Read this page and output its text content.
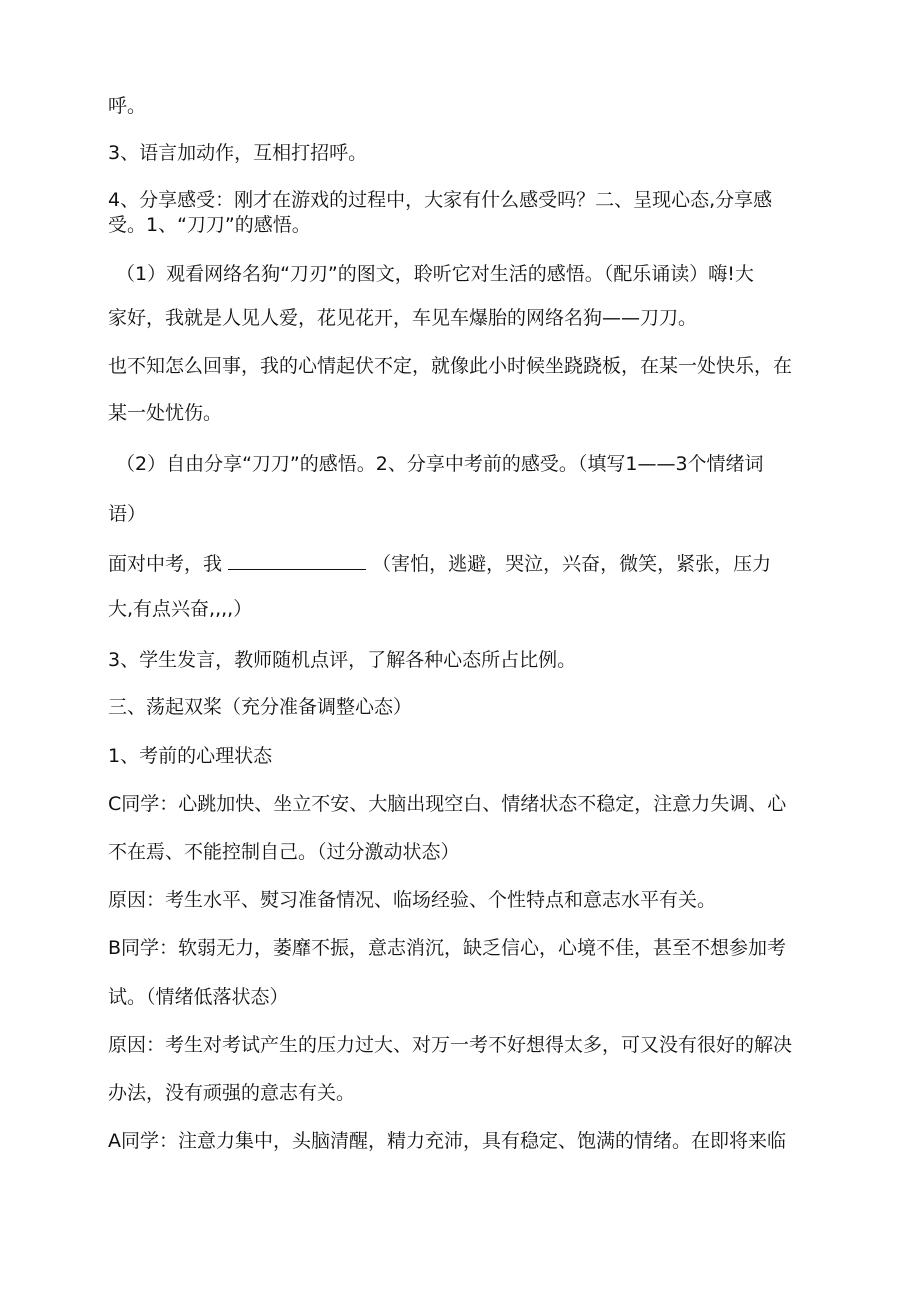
呼。
3、语言加动作，互相打招呼。
4、分享感受：刚才在游戏的过程中，大家有什么感受吗？二、呈现心态,分享感
受。1、“刀刀”的感悟。
（1）观看网络名狗“刀刃”的图文，聆听它对生活的感悟。（配乐诵读）嗨!大
家好，我就是人见人爱，花见花开，车见车爆胎的网络名狗——刀刀。
也不知怎么回事，我的心情起伏不定，就像此小时候坐跷跷板，在某一处快乐，在
某一处忧伤。
（2）自由分享“刀刀”的感悟。2、分享中考前的感受。（填写1——3个情绪词
语）
面对中考，我	（害怕，逃避，哭泣，兴奋，微笑，紧张，压力
大,有点兴奋,,,,）
3、学生发言，教师随机点评，了解各种心态所占比例。
三、荡起双桨（充分准备调整心态）
1、考前的心理状态
C同学：心跳加快、坐立不安、大脑出现空白、情绪状态不稳定，注意力失调、心
不在焉、不能控制自己。（过分激动状态）
原因：考生水平、熨习准备情况、临场经验、个性特点和意志水平有关。
B同学：软弱无力，萎靡不振，意志消沉，缺乏信心，心境不佳，甚至不想参加考
试。（情绪低落状态）
原因：考生对考试产生的压力过大、对万一考不好想得太多，可又没有很好的解决
办法，没有顽强的意志有关。
A同学：注意力集中，头脑清醒，精力充沛，具有稳定、饱满的情绪。在即将来临
